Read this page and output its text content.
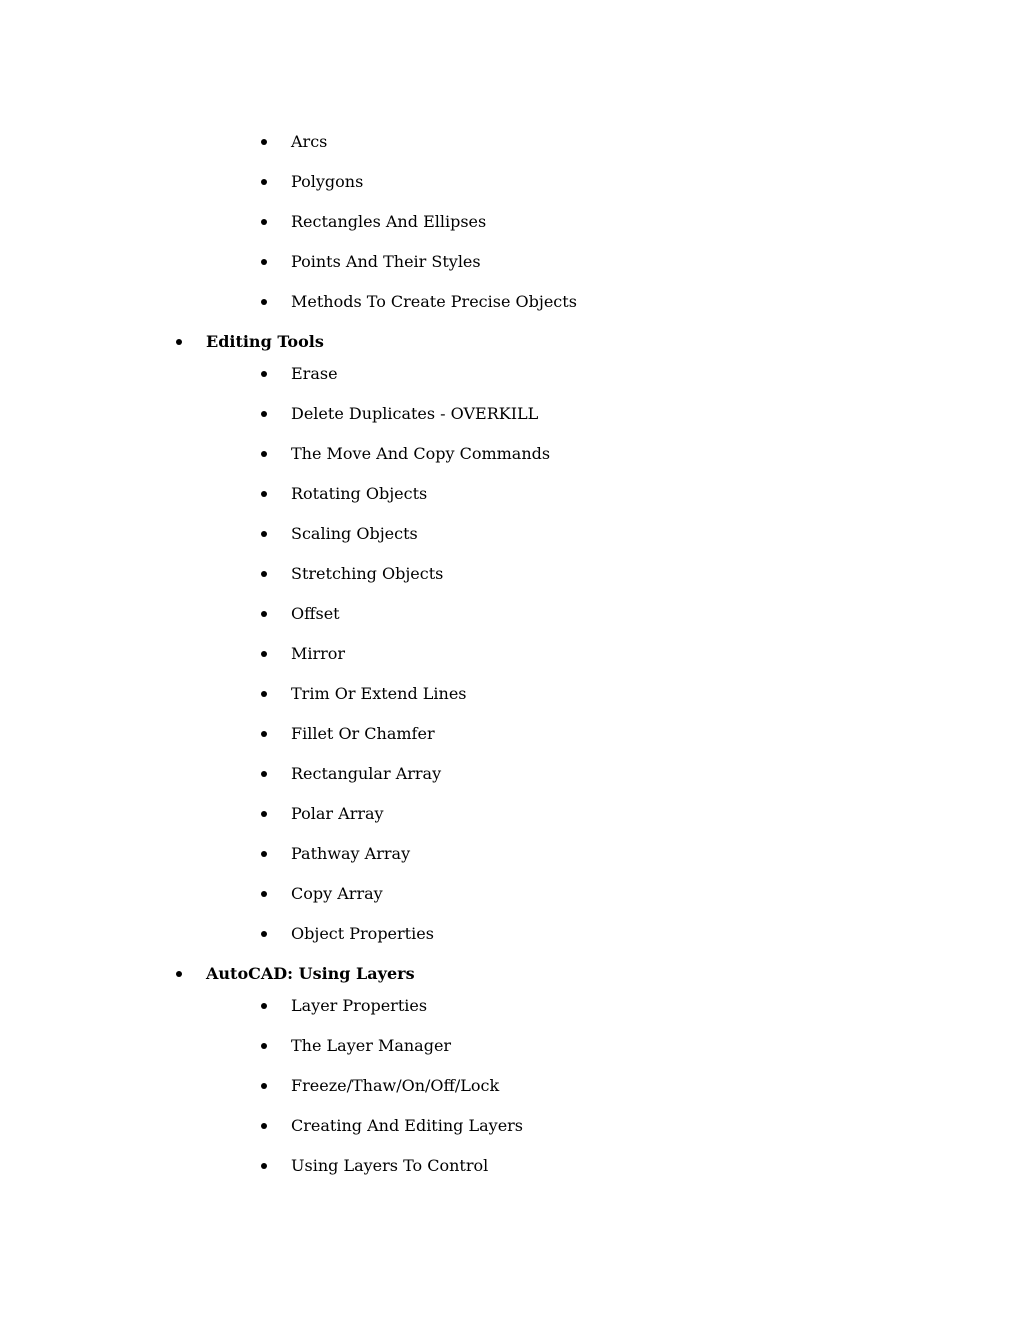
Arcs
Polygons
Rectangles And Ellipses
Points And Their Styles
Methods To Create Precise Objects
Editing Tools
Erase
Delete Duplicates - OVERKILL
The Move And Copy Commands
Rotating Objects
Scaling Objects
Stretching Objects
Offset
Mirror
Trim Or Extend Lines
Fillet Or Chamfer
Rectangular Array
Polar Array
Pathway Array
Copy Array
Object Properties
AutoCAD: Using Layers
Layer Properties
The Layer Manager
Freeze/Thaw/On/Off/Lock
Creating And Editing Layers
Using Layers To Control
